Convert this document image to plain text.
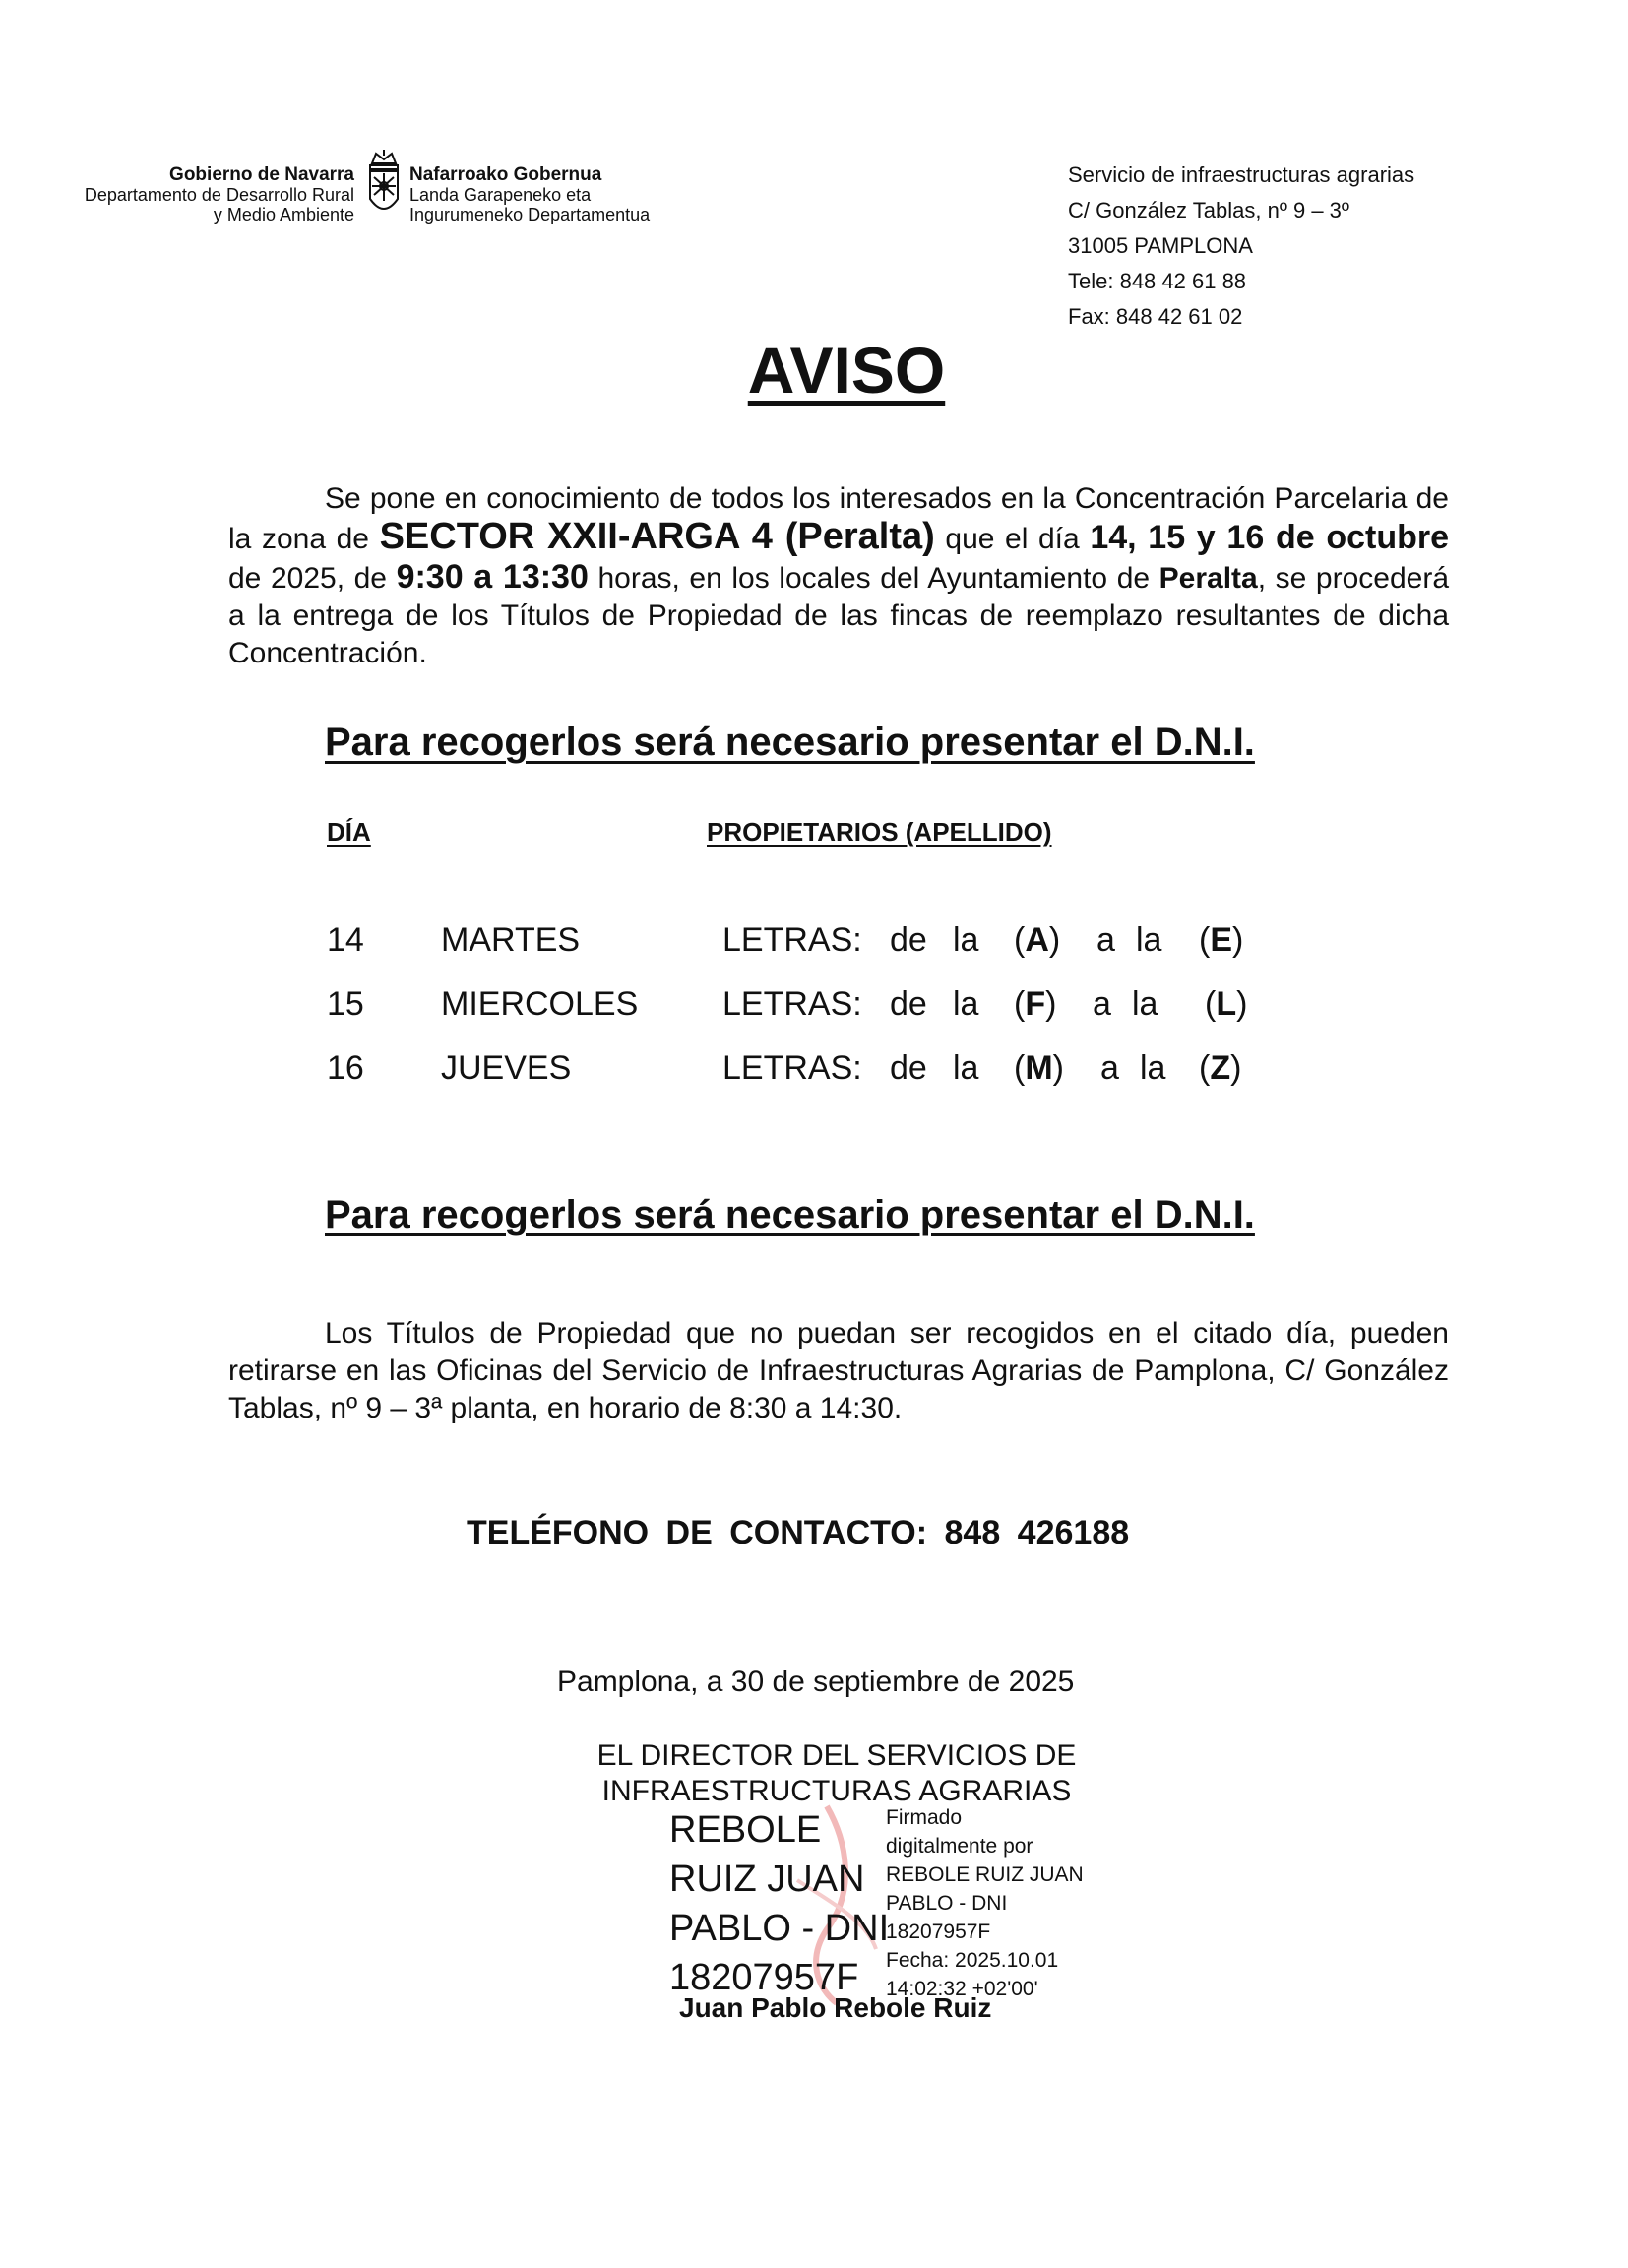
Gobierno de Navarra
Departamento de Desarrollo Rural
y Medio Ambiente
Nafarroako Gobernua
Landa Garapeneko eta
Ingurumeneko Departamentua
Servicio de infraestructuras agrarias
C/ González Tablas, nº 9 – 3º
31005 PAMPLONA
Tele: 848 42 61 88
Fax: 848 42 61 02
AVISO
Se pone en conocimiento de todos los interesados en la Concentración Parcelaria de la zona de SECTOR XXII-ARGA 4 (Peralta) que el día 14, 15 y 16 de octubre de 2025, de 9:30 a 13:30 horas, en los locales del Ayuntamiento de Peralta, se procederá a la entrega de los Títulos de Propiedad de las fincas de reemplazo resultantes de dicha Concentración.
Para recogerlos será necesario presentar el D.N.I.
DÍA	PROPIETARIOS (APELLIDO)
14 MARTES	LETRAS: de la (A) a la (E)
15 MIERCOLES	LETRAS: de la (F) a la (L)
16 JUEVES	LETRAS: de la (M) a la (Z)
Para recogerlos será necesario presentar el D.N.I.
Los Títulos de Propiedad que no puedan ser recogidos en el citado día, pueden retirarse en las Oficinas del Servicio de Infraestructuras Agrarias de Pamplona, C/ González Tablas, nº 9 – 3ª planta, en horario de 8:30 a 14:30.
TELÉFONO DE CONTACTO: 848 426188
Pamplona, a 30 de septiembre de 2025
EL DIRECTOR DEL SERVICIOS DE
INFRAESTRUCTURAS AGRARIAS
REBOLE
RUIZ JUAN
PABLO - DNI
18207957F
Firmado
digitalmente por
REBOLE RUIZ JUAN
PABLO - DNI
18207957F
Fecha: 2025.10.01
14:02:32 +02'00'
Juan Pablo Rebole Ruiz
